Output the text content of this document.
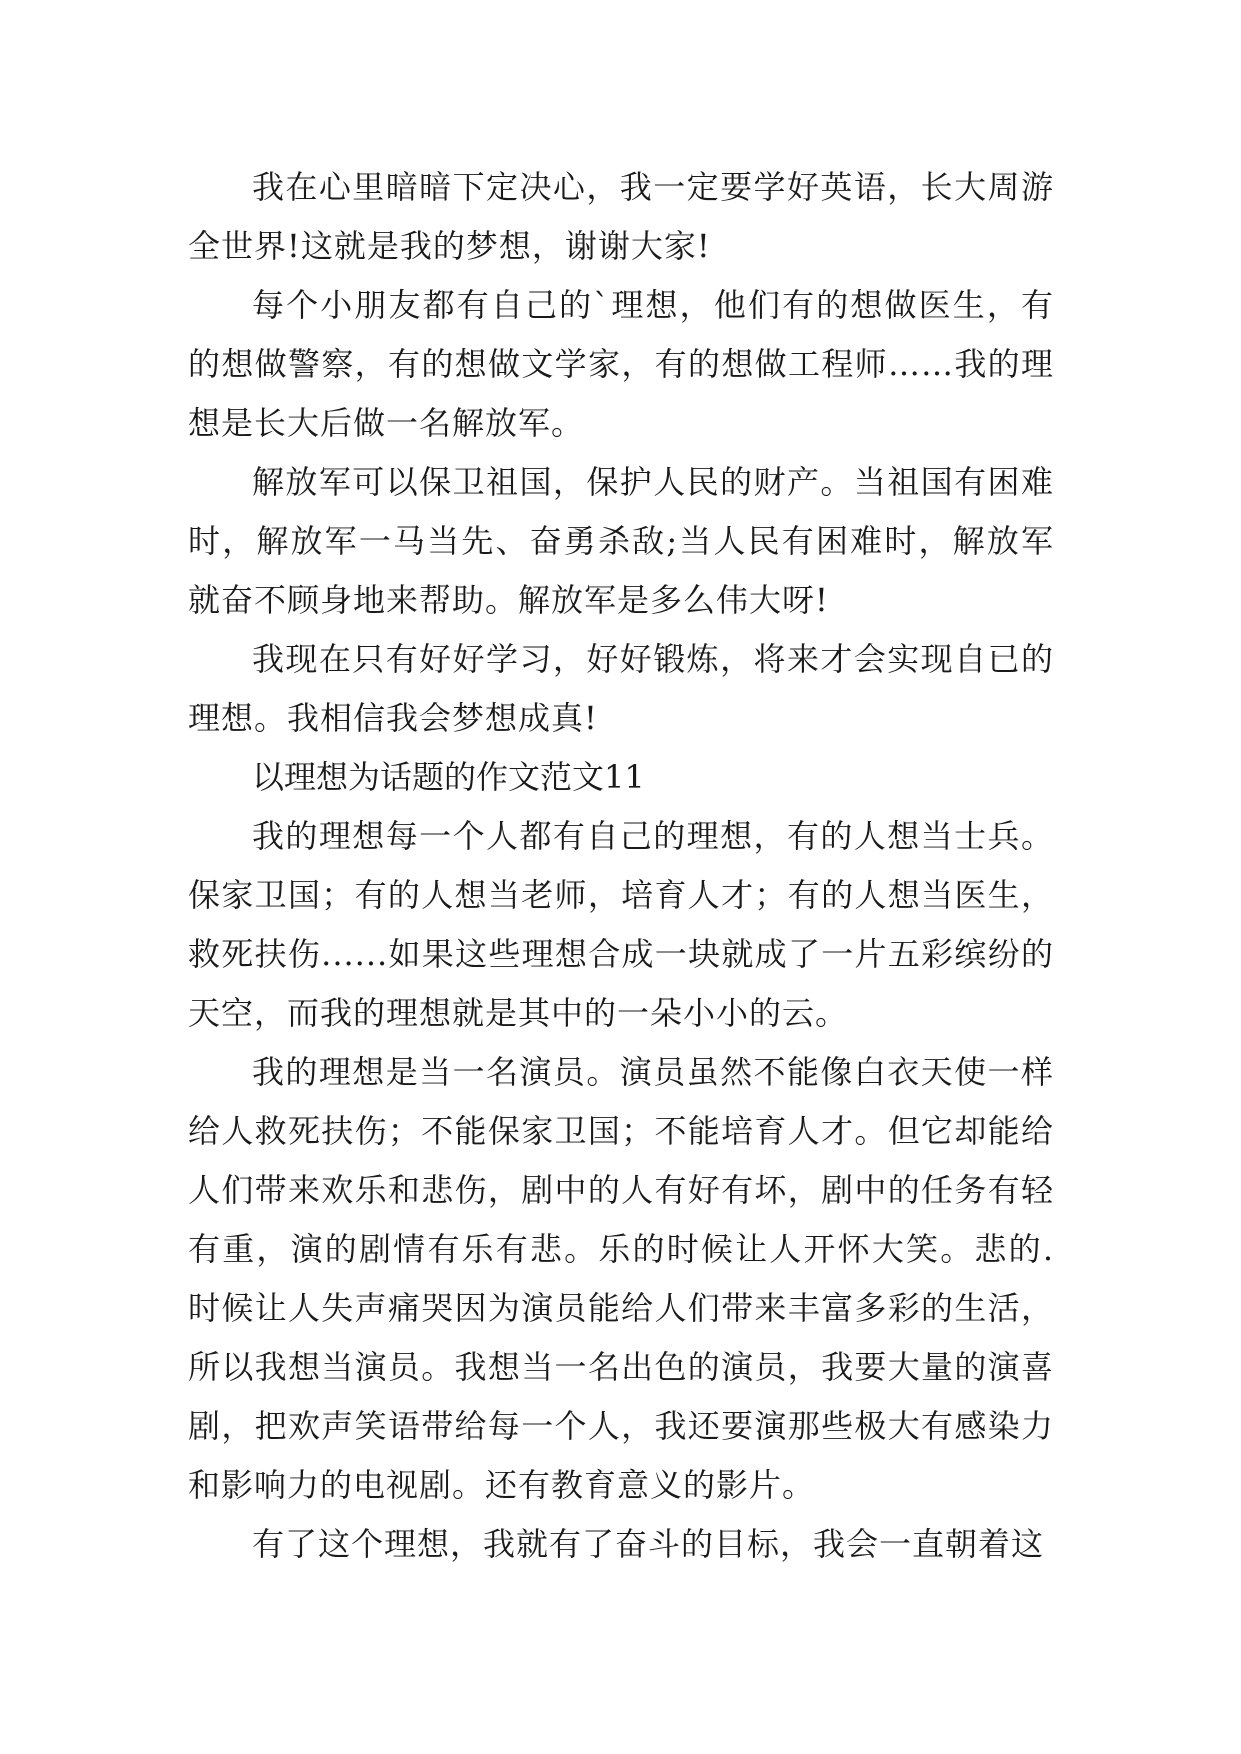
我在心里暗暗下定决心，我一定要学好英语，长大周游全世界!这就是我的梦想，谢谢大家!

每个小朋友都有自己的`理想，他们有的想做医生，有的想做警察，有的想做文学家，有的想做工程师……我的理想是长大后做一名解放军。

解放军可以保卫祖国，保护人民的财产。当祖国有困难时，解放军一马当先、奋勇杀敌;当人民有困难时，解放军就奋不顾身地来帮助。解放军是多么伟大呀!

我现在只有好好学习，好好锻炼，将来才会实现自已的理想。我相信我会梦想成真!

以理想为话题的作文范文11

我的理想每一个人都有自己的理想，有的人想当士兵。保家卫国；有的人想当老师，培育人才；有的人想当医生，救死扶伤......如果这些理想合成一块就成了一片五彩缤纷的天空，而我的理想就是其中的一朵小小的云。

我的理想是当一名演员。演员虽然不能像白衣天使一样给人救死扶伤；不能保家卫国；不能培育人才。但它却能给人们带来欢乐和悲伤，剧中的人有好有坏，剧中的任务有轻有重，演的剧情有乐有悲。乐的时候让人开怀大笑。悲的.时候让人失声痛哭因为演员能给人们带来丰富多彩的生活，所以我想当演员。我想当一名出色的演员，我要大量的演喜剧，把欢声笑语带给每一个人，我还要演那些极大有感染力和影响力的电视剧。还有教育意义的影片。

有了这个理想，我就有了奋斗的目标，我会一直朝着这
